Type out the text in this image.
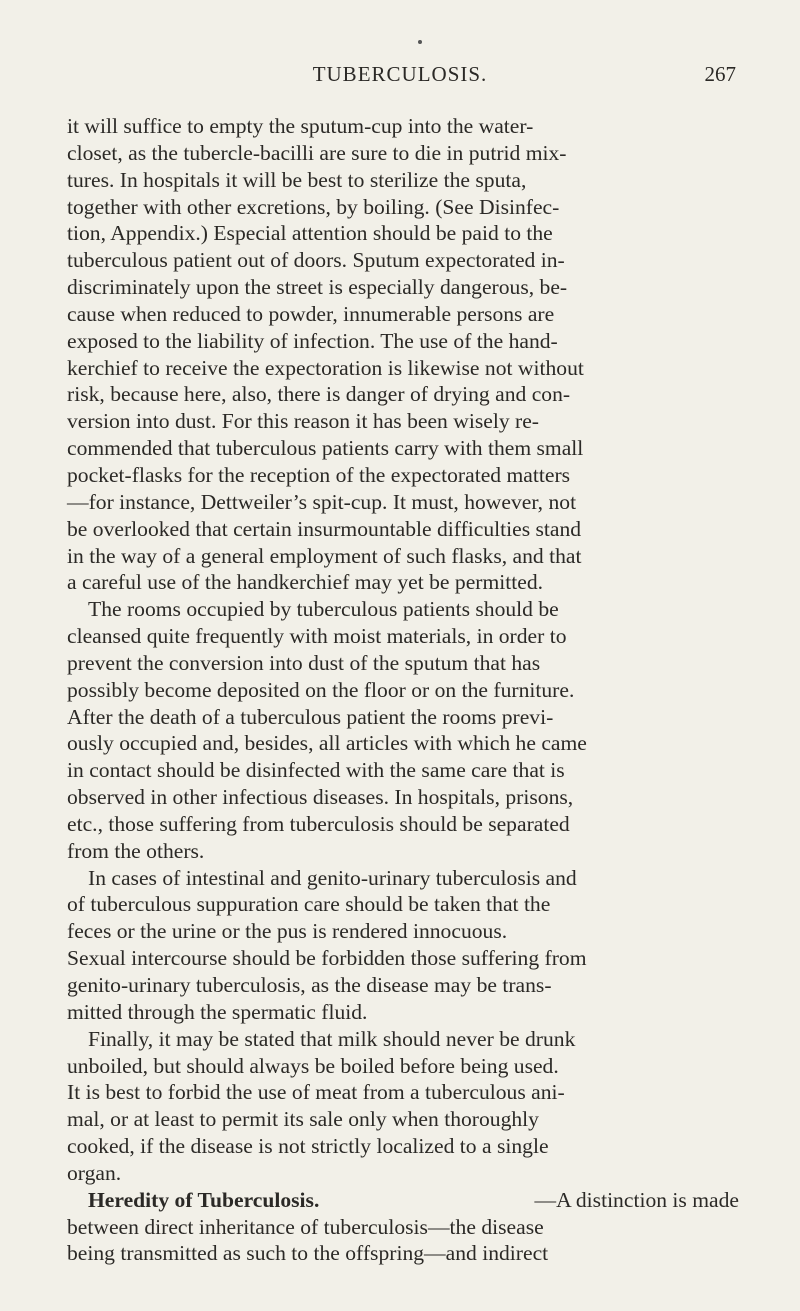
TUBERCULOSIS.	267
it will suffice to empty the sputum-cup into the water-
closet, as the tubercle-bacilli are sure to die in putrid mix-
tures. In hospitals it will be best to sterilize the sputa,
together with other excretions, by boiling. (See Disinfec-
tion, Appendix.) Especial attention should be paid to the
tuberculous patient out of doors. Sputum expectorated in-
discriminately upon the street is especially dangerous, be-
cause when reduced to powder, innumerable persons are
exposed to the liability of infection. The use of the hand-
kerchief to receive the expectoration is likewise not without
risk, because here, also, there is danger of drying and con-
version into dust. For this reason it has been wisely re-
commended that tuberculous patients carry with them small
pocket-flasks for the reception of the expectorated matters
—for instance, Dettweiler’s spit-cup. It must, however, not
be overlooked that certain insurmountable difficulties stand
in the way of a general employment of such flasks, and that
a careful use of the handkerchief may yet be permitted.
The rooms occupied by tuberculous patients should be
cleansed quite frequently with moist materials, in order to
prevent the conversion into dust of the sputum that has
possibly become deposited on the floor or on the furniture.
After the death of a tuberculous patient the rooms previ-
ously occupied and, besides, all articles with which he came
in contact should be disinfected with the same care that is
observed in other infectious diseases. In hospitals, prisons,
etc., those suffering from tuberculosis should be separated
from the others.
In cases of intestinal and genito-urinary tuberculosis and
of tuberculous suppuration care should be taken that the
feces or the urine or the pus is rendered innocuous.
Sexual intercourse should be forbidden those suffering from
genito-urinary tuberculosis, as the disease may be trans-
mitted through the spermatic fluid.
Finally, it may be stated that milk should never be drunk
unboiled, but should always be boiled before being used.
It is best to forbid the use of meat from a tuberculous ani-
mal, or at least to permit its sale only when thoroughly
cooked, if the disease is not strictly localized to a single
organ.
Heredity of Tuberculosis.	—A distinction is made
between direct inheritance of tuberculosis—the disease
being transmitted as such to the offspring—and indirect
